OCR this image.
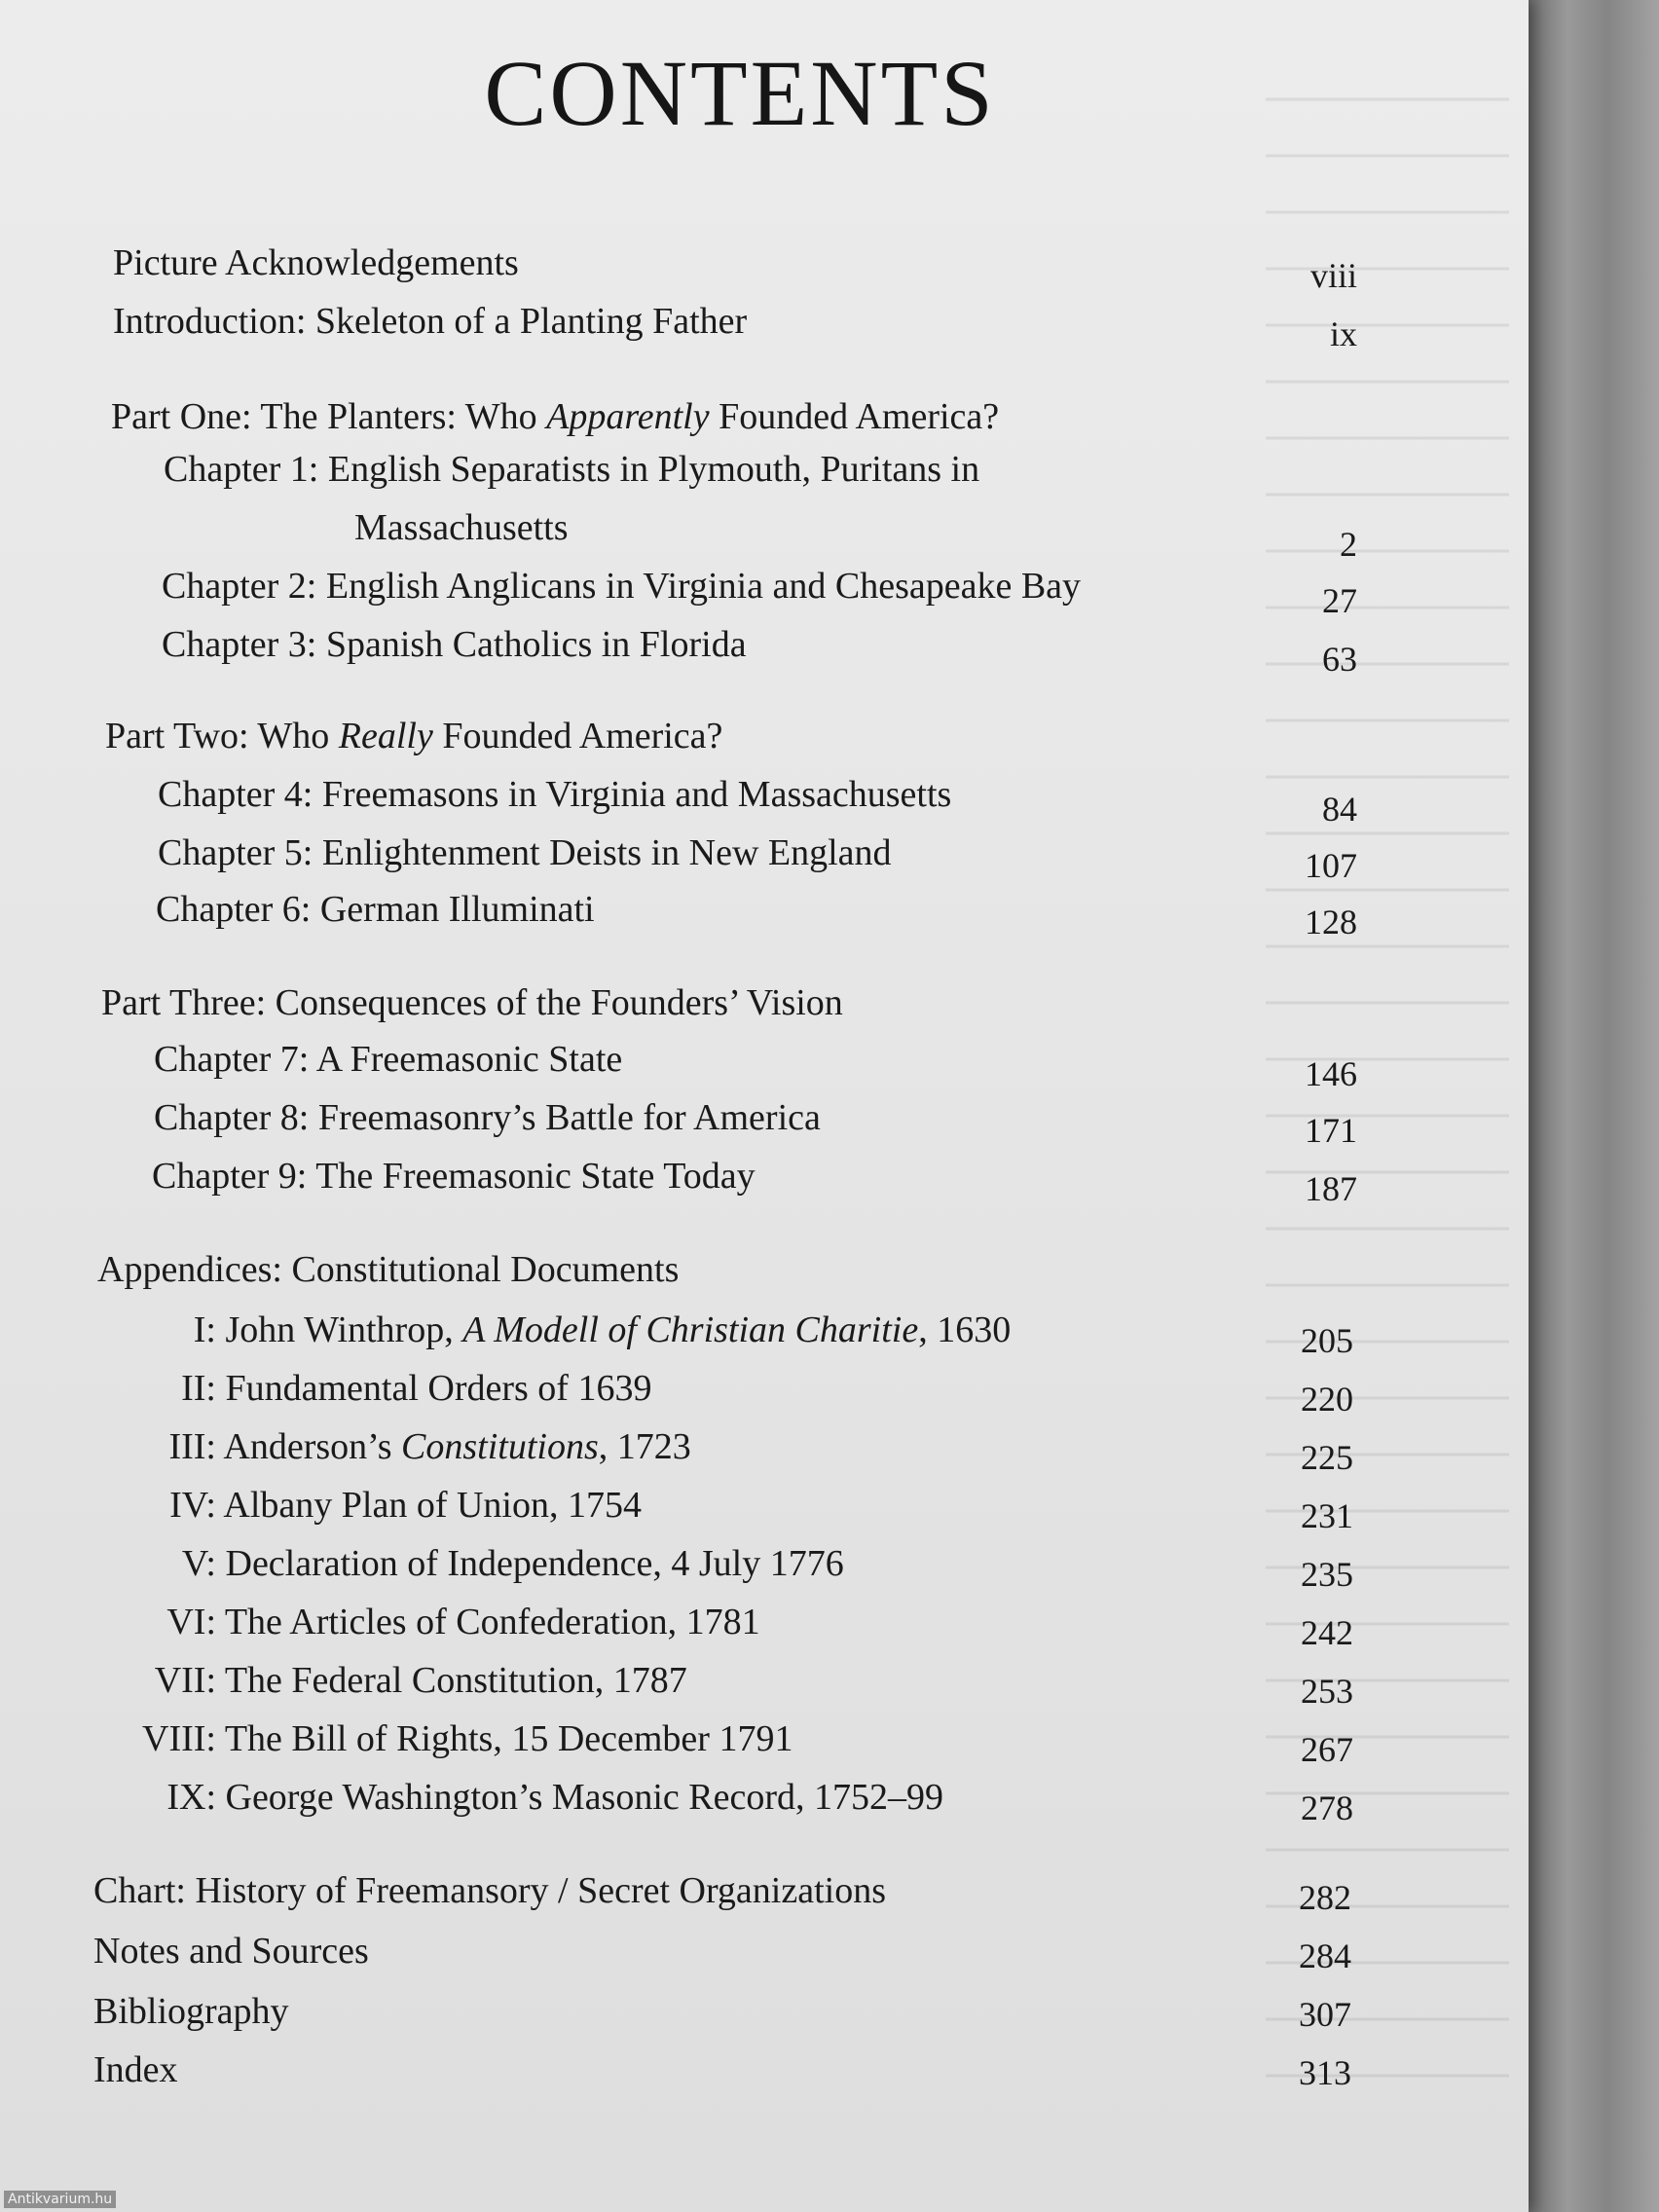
CONTENTS
Picture Acknowledgements	viii
Introduction: Skeleton of a Planting Father	ix
Part One: The Planters: Who Apparently Founded America?
Chapter 1: English Separatists in Plymouth, Puritans in
Massachusetts	2
Chapter 2: English Anglicans in Virginia and Chesapeake Bay	27
Chapter 3: Spanish Catholics in Florida	63
Part Two: Who Really Founded America?
Chapter 4: Freemasons in Virginia and Massachusetts	84
Chapter 5: Enlightenment Deists in New England	107
Chapter 6: German Illuminati	128
Part Three: Consequences of the Founders’ Vision
Chapter 7: A Freemasonic State	146
Chapter 8: Freemasonry’s Battle for America	171
Chapter 9: The Freemasonic State Today	187
Appendices: Constitutional Documents
I: John Winthrop, A Modell of Christian Charitie, 1630	205
II: Fundamental Orders of 1639	220
III: Anderson’s Constitutions, 1723	225
IV: Albany Plan of Union, 1754	231
V: Declaration of Independence, 4 July 1776	235
VI: The Articles of Confederation, 1781	242
VII: The Federal Constitution, 1787	253
VIII: The Bill of Rights, 15 December 1791	267
IX: George Washington’s Masonic Record, 1752–99	278
Chart: History of Freemansory / Secret Organizations	282
Notes and Sources	284
Bibliography	307
Index	313
Antikvarium.hu
